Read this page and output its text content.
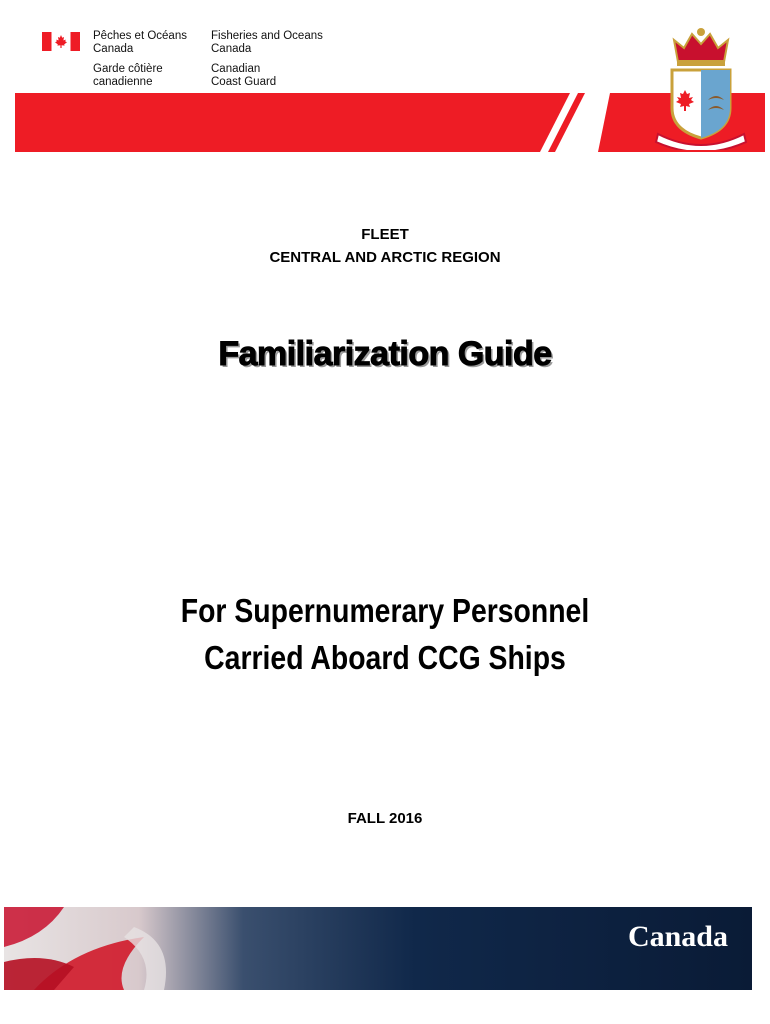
Pêches et Océans
Canada
Fisheries and Oceans
Canada
Garde côtière
canadienne
Canadian
Coast Guard
FLEET
CENTRAL AND ARCTIC REGION
Familiarization Guide
For Supernumerary Personnel
Carried Aboard CCG Ships
FALL 2016
Canada
